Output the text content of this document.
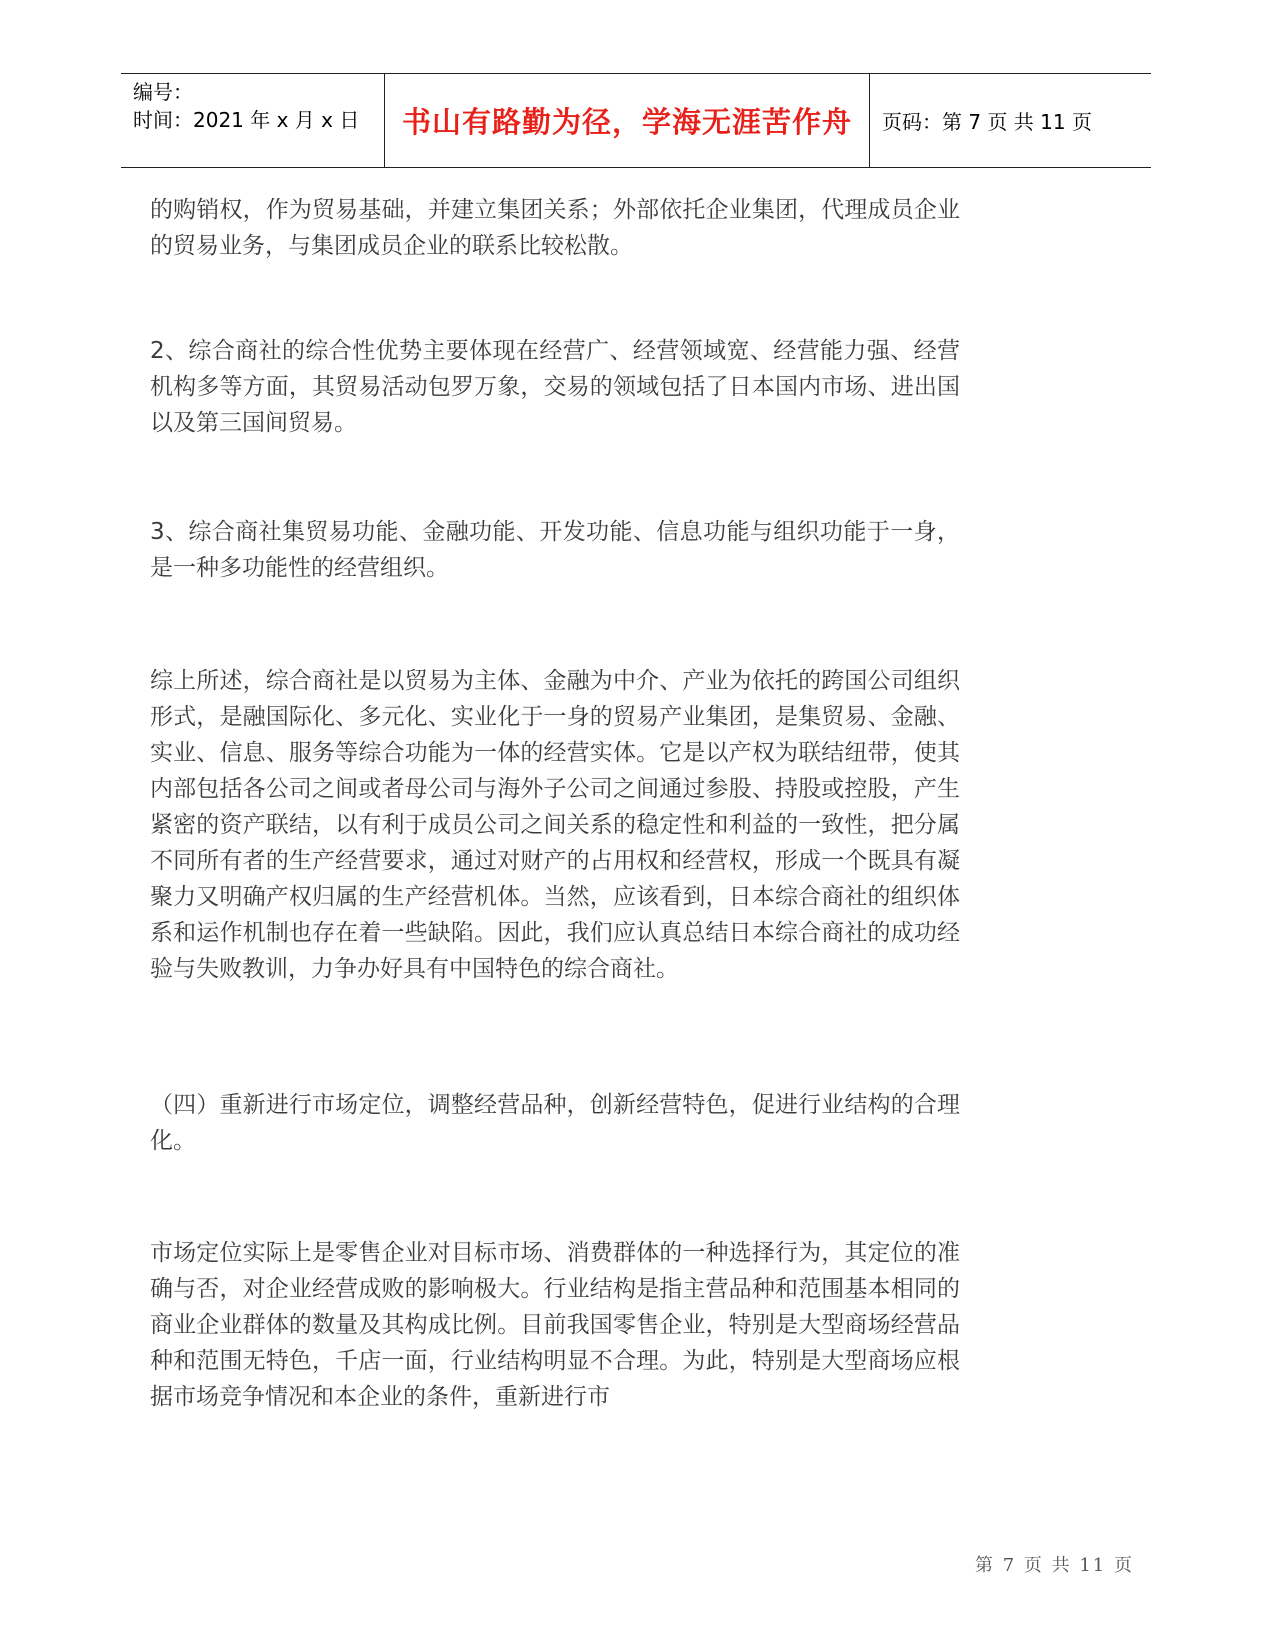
编号：
时间：2021 年 x 月 x 日	书山有路勤为径，学海无涯苦作舟	页码：第 7 页 共 11 页

的购销权，作为贸易基础，并建立集团关系；外部依托企业集团，代理成员企业的贸易业务，与集团成员企业的联系比较松散。

2、综合商社的综合性优势主要体现在经营广、经营领域宽、经营能力强、经营机构多等方面，其贸易活动包罗万象，交易的领域包括了日本国内市场、进出国以及第三国间贸易。

3、综合商社集贸易功能、金融功能、开发功能、信息功能与组织功能于一身，是一种多功能性的经营组织。

综上所述，综合商社是以贸易为主体、金融为中介、产业为依托的跨国公司组织形式，是融国际化、多元化、实业化于一身的贸易产业集团，是集贸易、金融、实业、信息、服务等综合功能为一体的经营实体。它是以产权为联结纽带，使其内部包括各公司之间或者母公司与海外子公司之间通过参股、持股或控股，产生紧密的资产联结，以有利于成员公司之间关系的稳定性和利益的一致性，把分属不同所有者的生产经营要求，通过对财产的占用权和经营权，形成一个既具有凝聚力又明确产权归属的生产经营机体。当然，应该看到，日本综合商社的组织体系和运作机制也存在着一些缺陷。因此，我们应认真总结日本综合商社的成功经验与失败教训，力争办好具有中国特色的综合商社。

（四）重新进行市场定位，调整经营品种，创新经营特色，促进行业结构的合理化。

市场定位实际上是零售企业对目标市场、消费群体的一种选择行为，其定位的准确与否，对企业经营成败的影响极大。行业结构是指主营品种和范围基本相同的商业企业群体的数量及其构成比例。目前我国零售企业，特别是大型商场经营品种和范围无特色，千店一面，行业结构明显不合理。为此，特别是大型商场应根据市场竞争情况和本企业的条件，重新进行市

第 7 页 共 11 页
